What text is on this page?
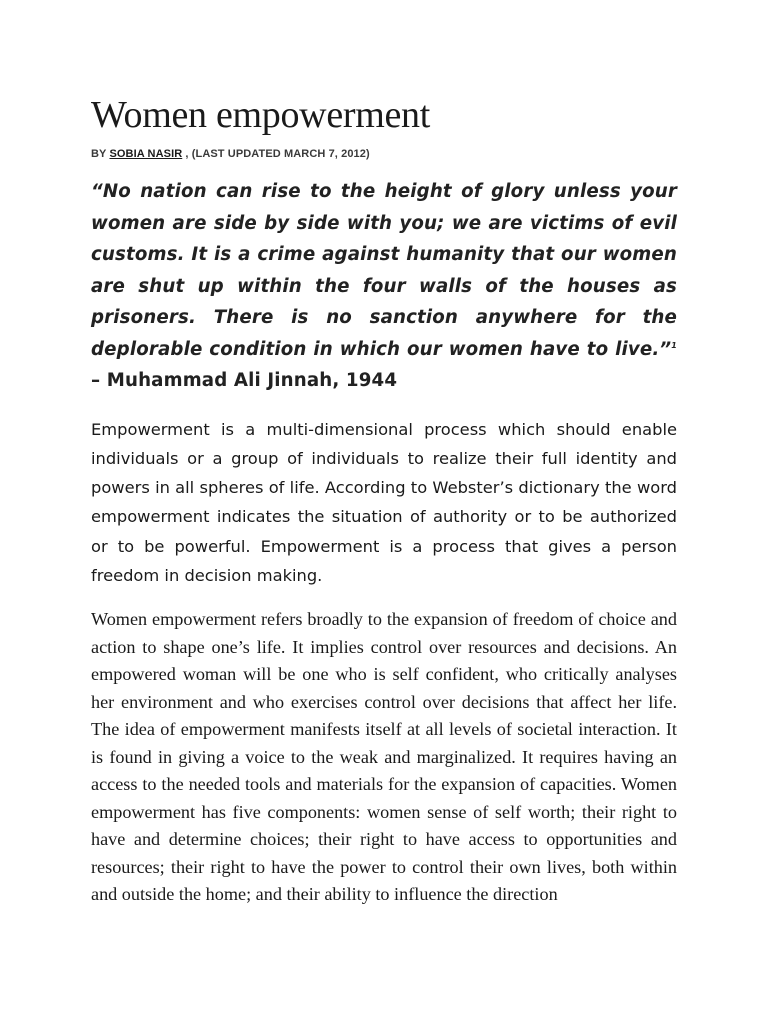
Women empowerment
BY SOBIA NASIR , (LAST UPDATED MARCH 7, 2012)

“No nation can rise to the height of glory unless your women are side by side with you; we are victims of evil customs. It is a crime against humanity that our women are shut up within the four walls of the houses as prisoners. There is no sanction anywhere for the deplorable condition in which our women have to live.”$^1$ – Muhammad Ali Jinnah, 1944

Empowerment is a multi-dimensional process which should enable individuals or a group of individuals to realize their full identity and powers in all spheres of life. According to Webster’s dictionary the word empowerment indicates the situation of authority or to be authorized or to be powerful. Empowerment is a process that gives a person freedom in decision making.

Women empowerment refers broadly to the expansion of freedom of choice and action to shape one’s life. It implies control over resources and decisions. An empowered woman will be one who is self confident, who critically analyses her environment and who exercises control over decisions that affect her life. The idea of empowerment manifests itself at all levels of societal interaction. It is found in giving a voice to the weak and marginalized. It requires having an access to the needed tools and materials for the expansion of capacities. Women empowerment has five components: women sense of self worth; their right to have and determine choices; their right to have access to opportunities and resources; their right to have the power to control their own lives, both within and outside the home; and their ability to influence the direction
